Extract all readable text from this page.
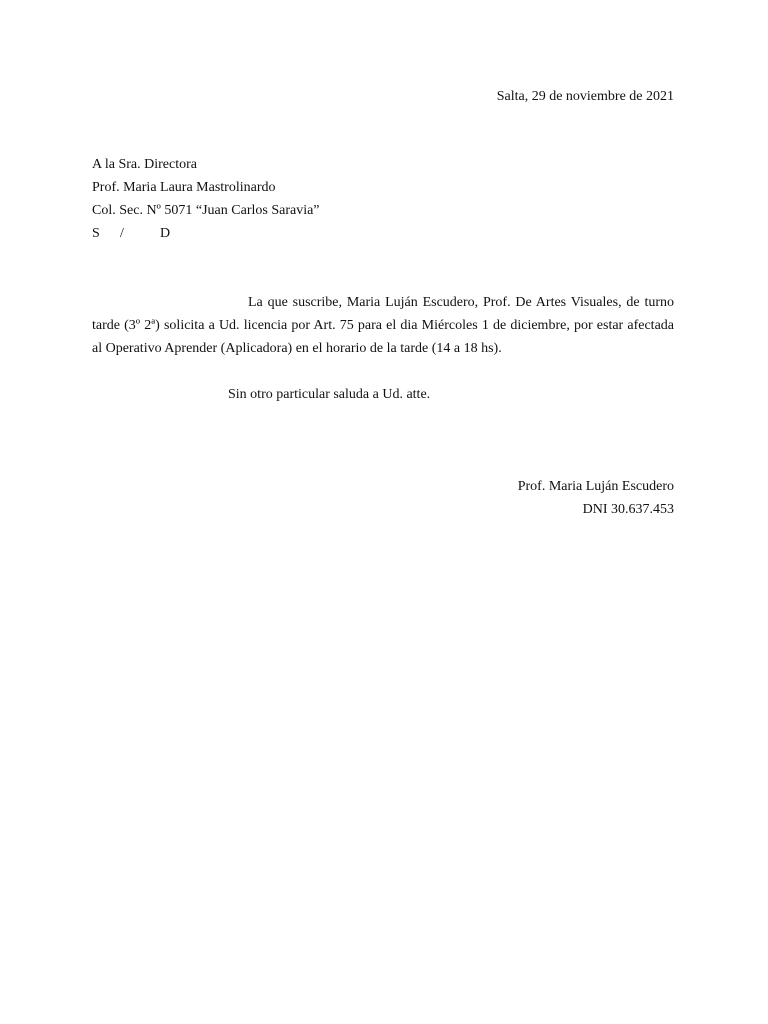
Salta, 29 de noviembre de 2021
A la Sra. Directora
Prof. Maria Laura Mastrolinardo
Col. Sec. Nº 5071 “Juan Carlos Saravia”
S /	D
La que suscribe, Maria Luján Escudero, Prof. De Artes Visuales, de turno tarde (3º 2ª) solicita a Ud. licencia por Art. 75 para el dia Miércoles 1 de diciembre, por estar afectada al Operativo Aprender (Aplicadora) en el horario de la tarde (14 a 18 hs).
Sin otro particular saluda a Ud. atte.
Prof. Maria Luján Escudero
DNI 30.637.453
